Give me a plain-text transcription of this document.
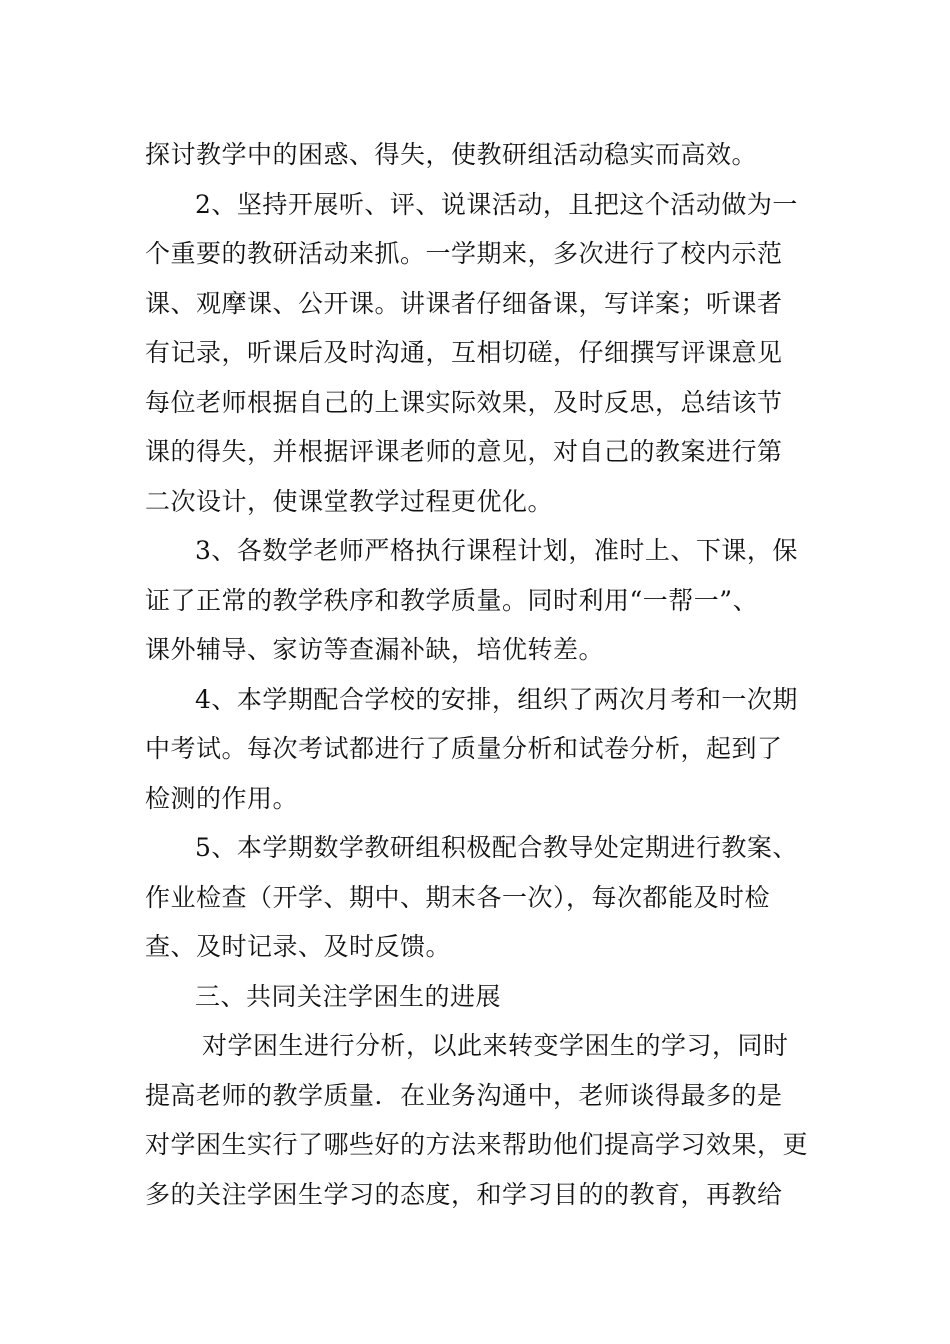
探讨教学中的困惑、得失，使教研组活动稳实而高效。
2、坚持开展听、评、说课活动，且把这个活动做为一
个重要的教研活动来抓。一学期来，多次进行了校内示范
课、观摩课、公开课。讲课者仔细备课，写详案；听课者
有记录，听课后及时沟通，互相切磋，仔细撰写评课意见
每位老师根据自己的上课实际效果，及时反思，总结该节
课的得失，并根据评课老师的意见，对自己的教案进行第
二次设计，使课堂教学过程更优化。
3、各数学老师严格执行课程计划，准时上、下课，保
证了正常的教学秩序和教学质量。同时利用“一帮一”、
课外辅导、家访等查漏补缺，培优转差。
4、本学期配合学校的安排，组织了两次月考和一次期
中考试。每次考试都进行了质量分析和试卷分析，起到了
检测的作用。
5、本学期数学教研组积极配合教导处定期进行教案、
作业检查（开学、期中、期末各一次），每次都能及时检
查、及时记录、及时反馈。
三、共同关注学困生的进展
对学困生进行分析，以此来转变学困生的学习，同时
提高老师的教学质量．在业务沟通中，老师谈得最多的是
对学困生实行了哪些好的方法来帮助他们提高学习效果，更
多的关注学困生学习的态度，和学习目的的教育，再教给
